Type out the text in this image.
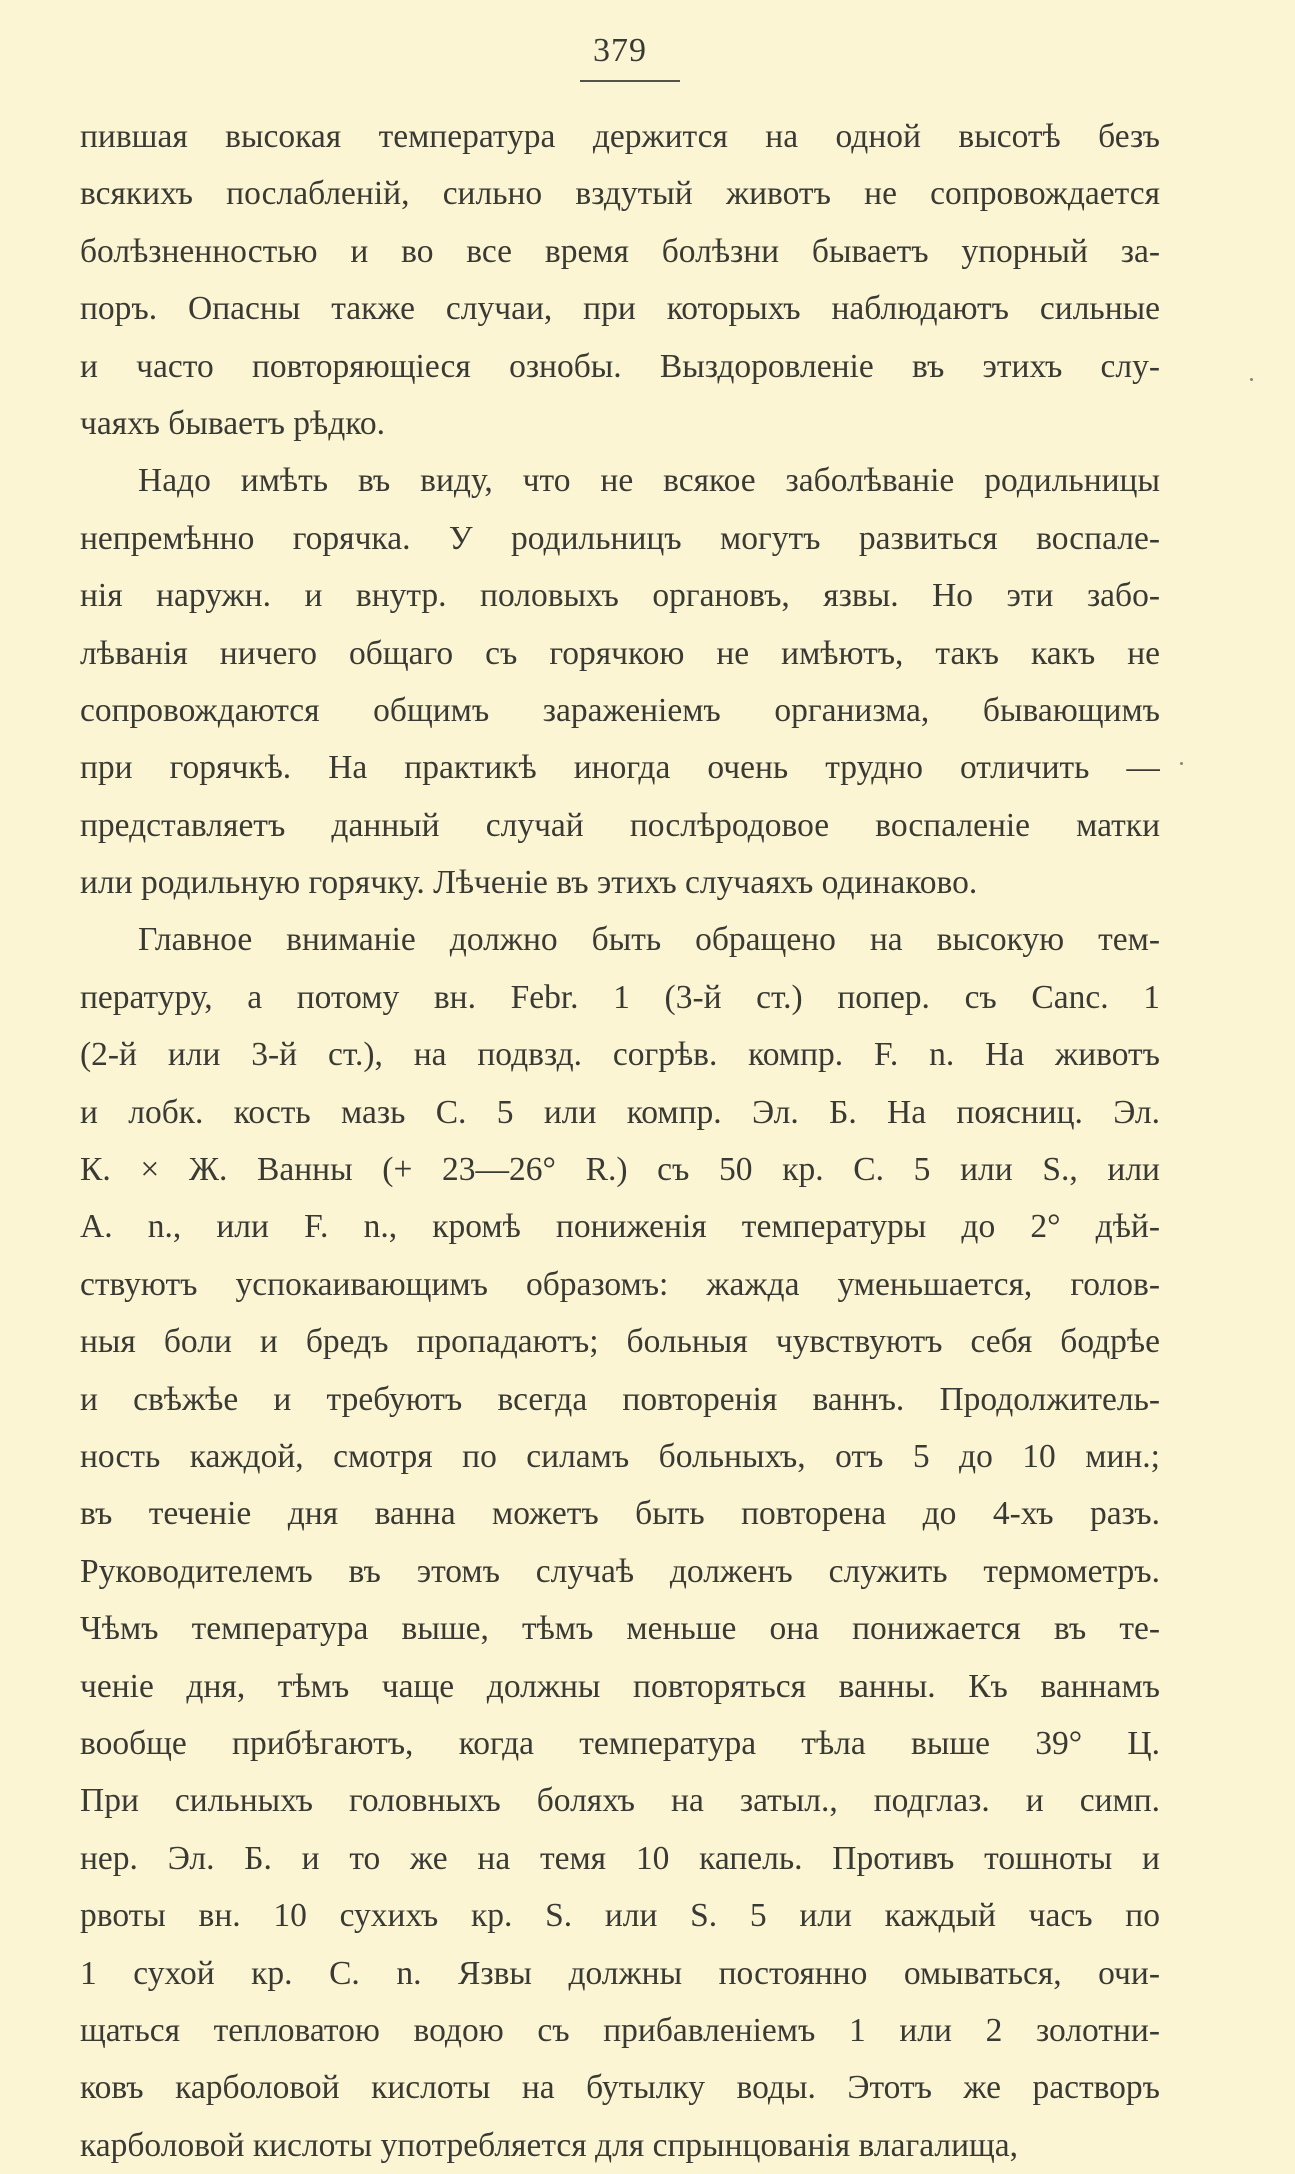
379
пившая высокая температура держится на одной высотѣ безъ
всякихъ послабленій, сильно вздутый животъ не сопровождается
болѣзненностью и во все время болѣзни бываетъ упорный за-
поръ. Опасны также случаи, при которыхъ наблюдаютъ сильные
и часто повторяющіеся ознобы. Выздоровленіе въ этихъ слу-
чаяхъ бываетъ рѣдко.
Надо имѣть въ виду, что не всякое заболѣваніе родильницы
непремѣнно горячка. У родильницъ могутъ развиться воспале-
нія наружн. и внутр. половыхъ органовъ, язвы. Но эти забо-
лѣванія ничего общаго съ горячкою не имѣютъ, такъ какъ не
сопровождаются общимъ зараженіемъ организма, бывающимъ
при горячкѣ. На практикѣ иногда очень трудно отличить —
представляетъ данный случай послѣродовое воспаленіе матки
или родильную горячку. Лѣченіе въ этихъ случаяхъ одинаково.
Главное вниманіе должно быть обращено на высокую тем-
пературу, а потому вн. Febr. 1 (3-й ст.) попер. съ Canc. 1
(2-й или 3-й ст.), на подвзд. согрѣв. компр. F. n. На животъ
и лобк. кость мазь С. 5 или компр. Эл. Б. На поясниц. Эл.
К. × Ж. Ванны (+ 23—26° R.) съ 50 кр. С. 5 или S., или
А. n., или F. n., кромѣ пониженія температуры до 2° дѣй-
ствуютъ успокаивающимъ образомъ: жажда уменьшается, голов-
ныя боли и бредъ пропадаютъ; больныя чувствуютъ себя бодрѣе
и свѣжѣе и требуютъ всегда повторенія ваннъ. Продолжитель-
ность каждой, смотря по силамъ больныхъ, отъ 5 до 10 мин.;
въ теченіе дня ванна можетъ быть повторена до 4-хъ разъ.
Руководителемъ въ этомъ случаѣ долженъ служить термометръ.
Чѣмъ температура выше, тѣмъ меньше она понижается въ те-
ченіе дня, тѣмъ чаще должны повторяться ванны. Къ ваннамъ
вообще прибѣгаютъ, когда температура тѣла выше 39° Ц.
При сильныхъ головныхъ боляхъ на затыл., подглаз. и симп.
нер. Эл. Б. и то же на темя 10 капель. Противъ тошноты и
рвоты вн. 10 сухихъ кр. S. или S. 5 или каждый часъ по
1 сухой кр. С. n. Язвы должны постоянно омываться, очи-
щаться тепловатою водою съ прибавленіемъ 1 или 2 золотни-
ковъ карболовой кислоты на бутылку воды. Этотъ же растворъ
карболовой кислоты употребляется для спрынцованія влагалища,
